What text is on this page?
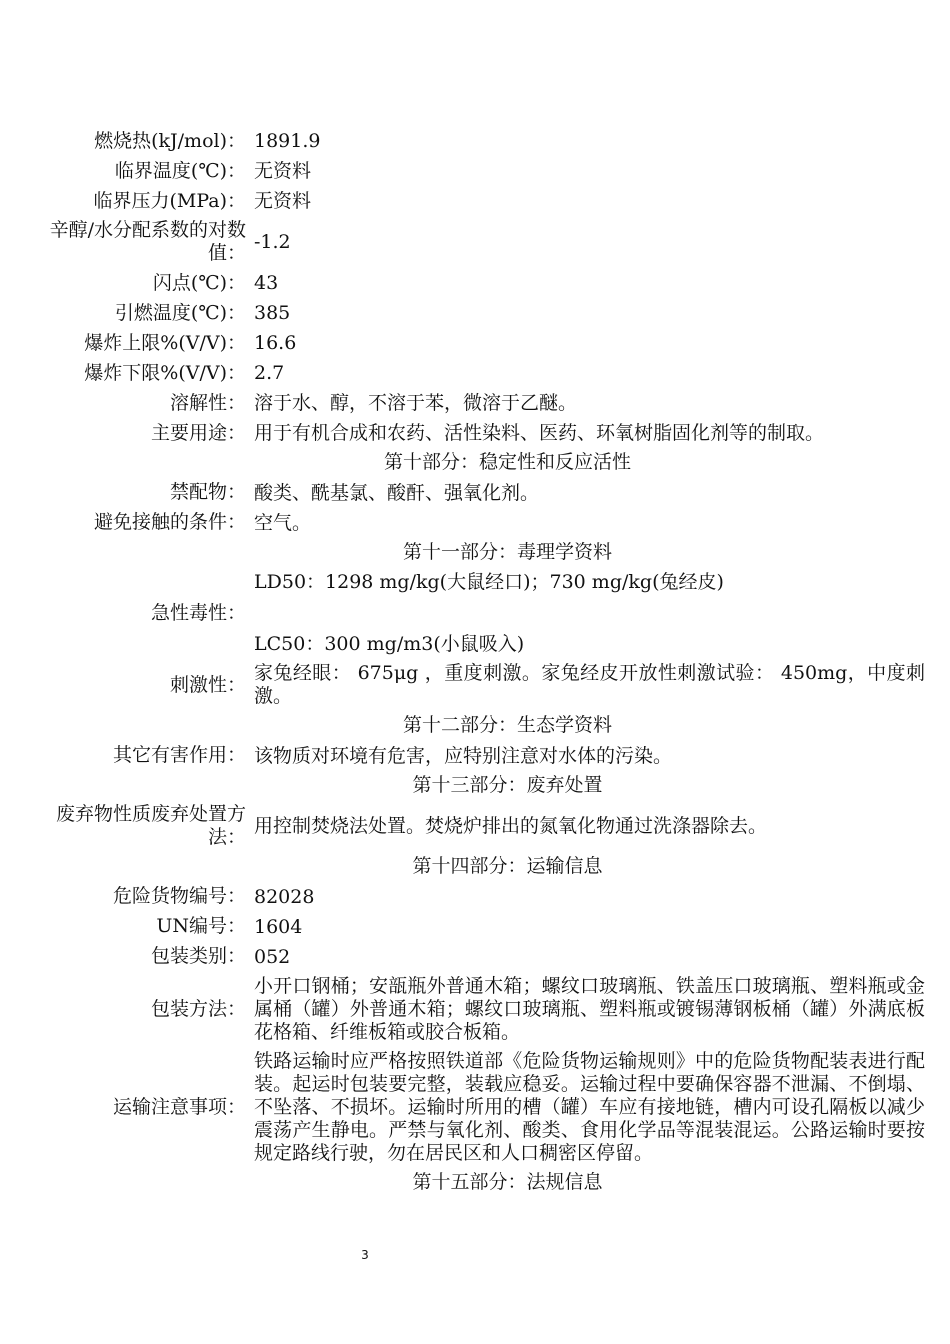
燃烧热(kJ/mol)： 1891.9
临界温度(℃)： 无资料
临界压力(MPa)： 无资料
辛醇/水分配系数的对数值： -1.2
闪点(℃)： 43
引燃温度(℃)： 385
爆炸上限%(V/V)： 16.6
爆炸下限%(V/V)： 2.7
溶解性： 溶于水、醇，不溶于苯，微溶于乙醚。
主要用途： 用于有机合成和农药、活性染料、医药、环氧树脂固化剂等的制取。
第十部分：稳定性和反应活性
禁配物： 酸类、酰基氯、酸酐、强氧化剂。
避免接触的条件： 空气。
第十一部分：毒理学资料
急性毒性：
LD50：1298 mg/kg(大鼠经口)；730 mg/kg(兔经皮)
LC50：300 mg/m3(小鼠吸入)
刺激性：
家兔经眼： 675μg ，重度刺激。家兔经皮开放性刺激试验： 450mg，中度刺激。
第十二部分：生态学资料
其它有害作用： 该物质对环境有危害，应特别注意对水体的污染。
第十三部分：废弃处置
废弃物性质废弃处置方法： 用控制焚烧法处置。焚烧炉排出的氮氧化物通过洗涤器除去。
第十四部分：运输信息
危险货物编号： 82028
UN编号： 1604
包装类别： 052
包装方法：
小开口钢桶；安瓿瓶外普通木箱；螺纹口玻璃瓶、铁盖压口玻璃瓶、塑料瓶或金属桶（罐）外普通木箱；螺纹口玻璃瓶、塑料瓶或镀锡薄钢板桶（罐）外满底板花格箱、纤维板箱或胶合板箱。
运输注意事项：
铁路运输时应严格按照铁道部《危险货物运输规则》中的危险货物配装表进行配装。起运时包装要完整，装载应稳妥。运输过程中要确保容器不泄漏、不倒塌、不坠落、不损坏。运输时所用的槽（罐）车应有接地链，槽内可设孔隔板以减少震荡产生静电。严禁与氧化剂、酸类、食用化学品等混装混运。公路运输时要按规定路线行驶，勿在居民区和人口稠密区停留。
第十五部分：法规信息
3
